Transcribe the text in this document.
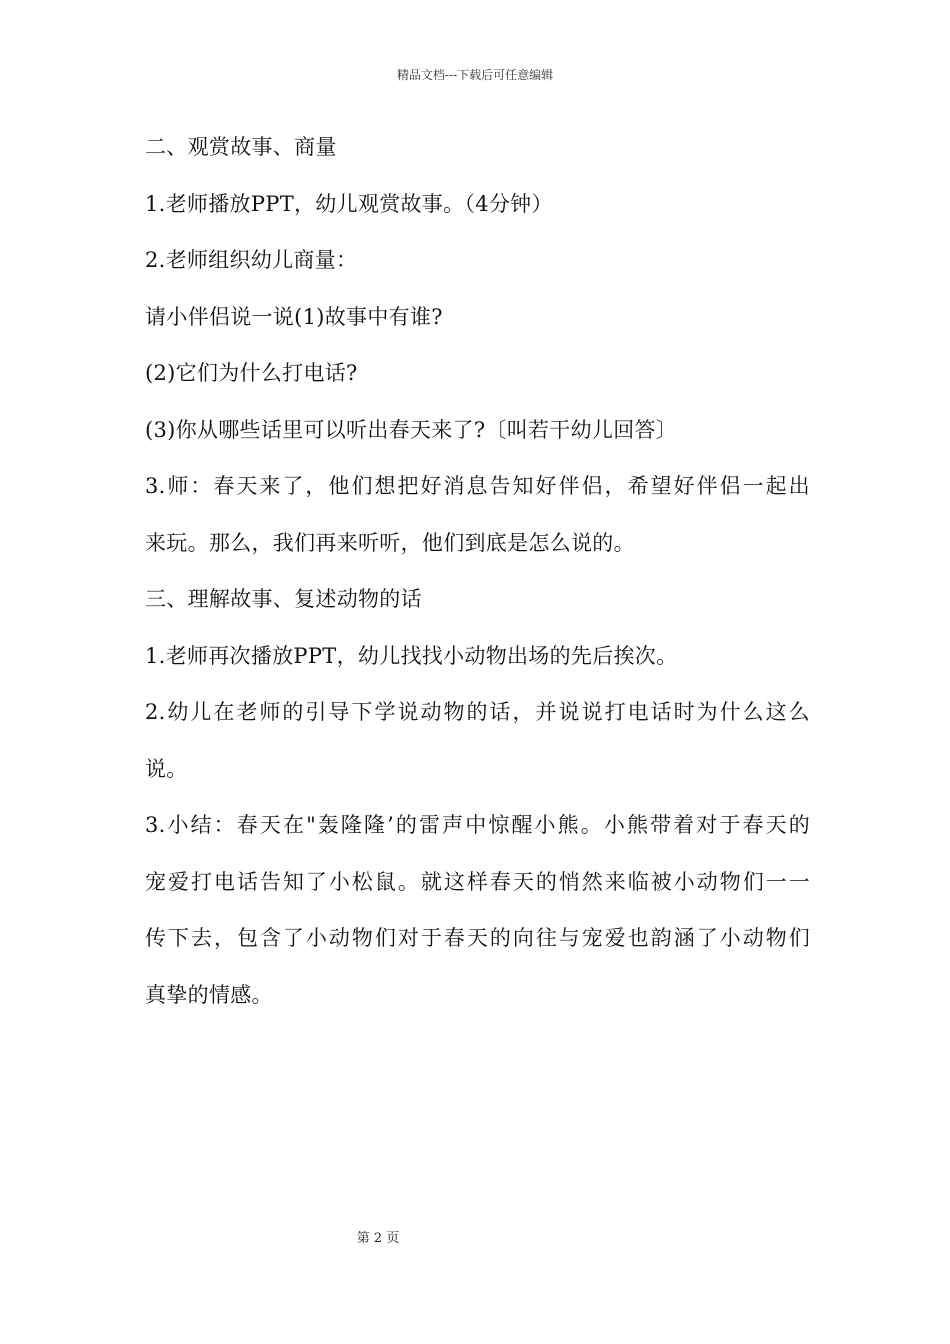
精品文档---下载后可任意编辑
二、观赏故事、商量
1.老师播放PPT，幼儿观赏故事。（4分钟）
2.老师组织幼儿商量：
请小伴侣说一说(1)故事中有谁?
(2)它们为什么打电话?
(3)你从哪些话里可以听出春天来了?〔叫若干幼儿回答〕
3.师：春天来了，他们想把好消息告知好伴侣，希望好伴侣一起出
来玩。那么，我们再来听听，他们到底是怎么说的。
三、理解故事、复述动物的话
1.老师再次播放PPT，幼儿找找小动物出场的先后挨次。
2.幼儿在老师的引导下学说动物的话，并说说打电话时为什么这么
说。
3.小结：春天在"轰隆隆’的雷声中惊醒小熊。小熊带着对于春天的
宠爱打电话告知了小松鼠。就这样春天的悄然来临被小动物们一一
传下去，包含了小动物们对于春天的向往与宠爱也韵涵了小动物们
真挚的情感。
第 2 页
